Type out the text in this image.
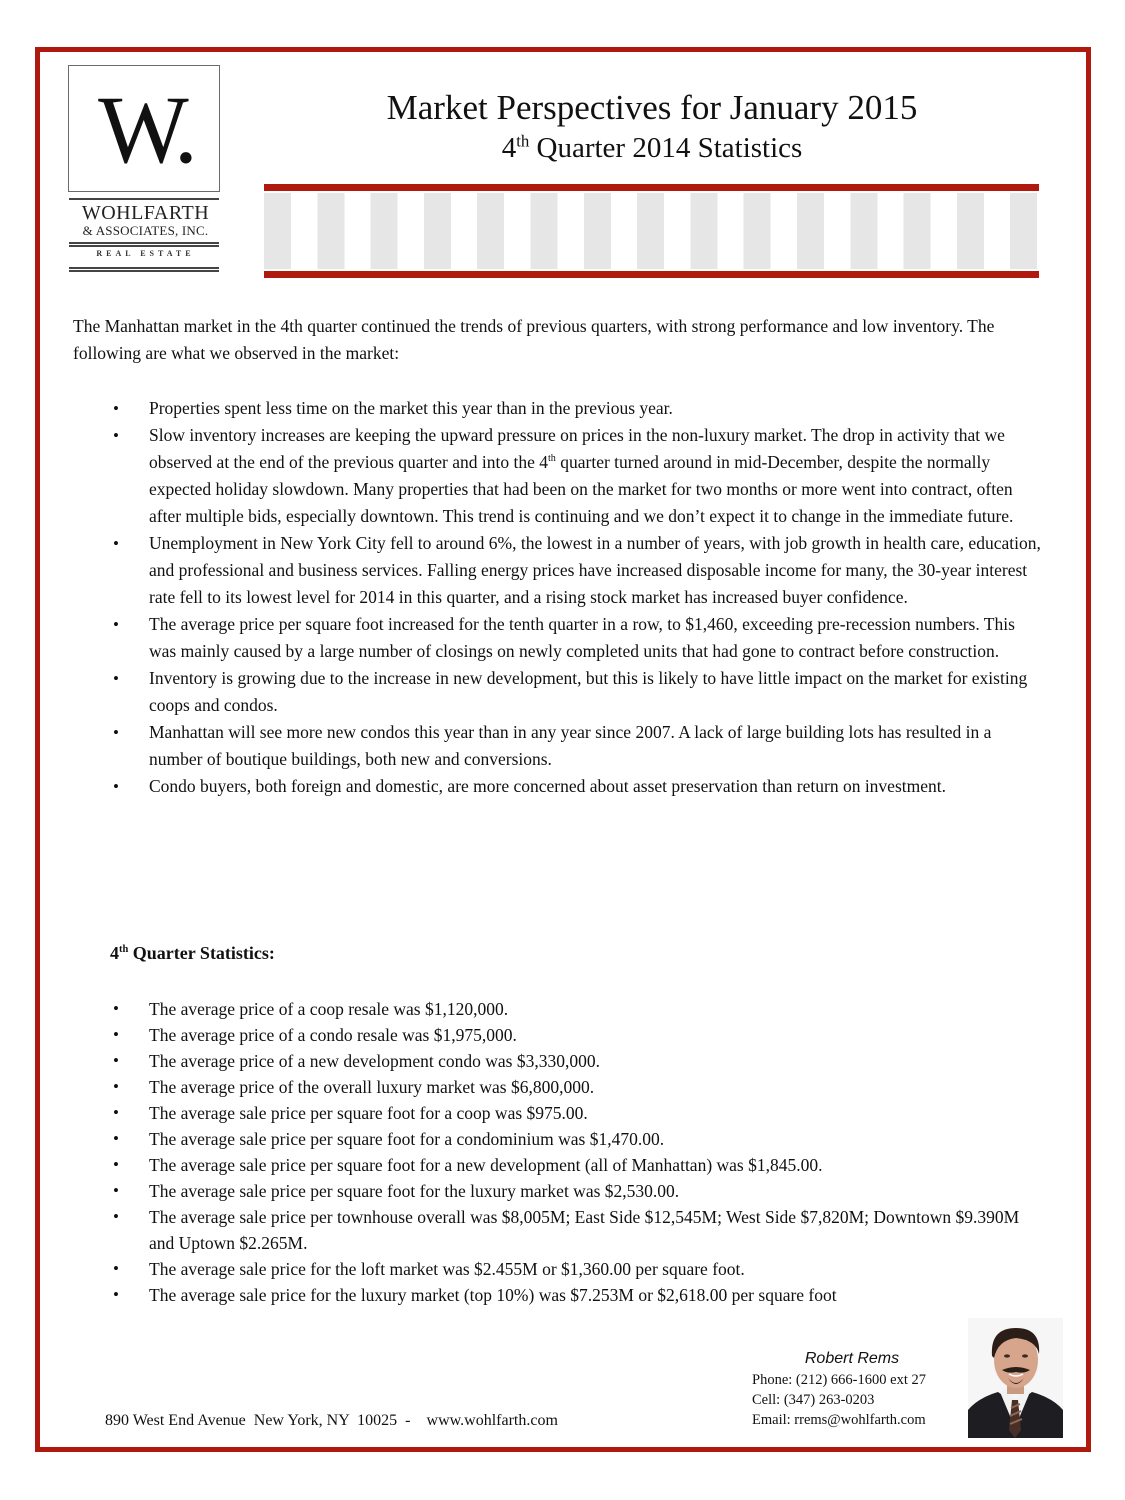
W.
WOHLFARTH
& ASSOCIATES, INC.
REAL ESTATE
Market Perspectives for January 2015
4th Quarter 2014 Statistics

The Manhattan market in the 4th quarter continued the trends of previous quarters, with strong performance and low inventory. The following are what we observed in the market:

• Properties spent less time on the market this year than in the previous year.
• Slow inventory increases are keeping the upward pressure on prices in the non-luxury market. The drop in activity that we observed at the end of the previous quarter and into the 4th quarter turned around in mid-December, despite the normally expected holiday slowdown. Many properties that had been on the market for two months or more went into contract, often after multiple bids, especially downtown. This trend is continuing and we don’t expect it to change in the immediate future.
• Unemployment in New York City fell to around 6%, the lowest in a number of years, with job growth in health care, education, and professional and business services. Falling energy prices have increased disposable income for many, the 30-year interest rate fell to its lowest level for 2014 in this quarter, and a rising stock market has increased buyer confidence.
• The average price per square foot increased for the tenth quarter in a row, to $1,460, exceeding pre-recession numbers. This was mainly caused by a large number of closings on newly completed units that had gone to contract before construction.
• Inventory is growing due to the increase in new development, but this is likely to have little impact on the market for existing coops and condos.
• Manhattan will see more new condos this year than in any year since 2007. A lack of large building lots has resulted in a number of boutique buildings, both new and conversions.
• Condo buyers, both foreign and domestic, are more concerned about asset preservation than return on investment.
4th Quarter Statistics:
• The average price of a coop resale was $1,120,000.
• The average price of a condo resale was $1,975,000.
• The average price of a new development condo was $3,330,000.
• The average price of the overall luxury market was $6,800,000.
• The average sale price per square foot for a coop was $975.00.
• The average sale price per square foot for a condominium was $1,470.00.
• The average sale price per square foot for a new development (all of Manhattan) was $1,845.00.
• The average sale price per square foot for the luxury market was $2,530.00.
• The average sale price per townhouse overall was $8,005M; East Side $12,545M; West Side $7,820M; Downtown $9.390M and Uptown $2.265M.
• The average sale price for the loft market was $2.455M or $1,360.00 per square foot.
• The average sale price for the luxury market (top 10%) was $7.253M or $2,618.00 per square foot
Robert Rems
Phone: (212) 666-1600 ext 27
Cell: (347) 263-0203
Email: rrems@wohlfarth.com
890 West End Avenue  New York, NY  10025  -    www.wohlfarth.com
